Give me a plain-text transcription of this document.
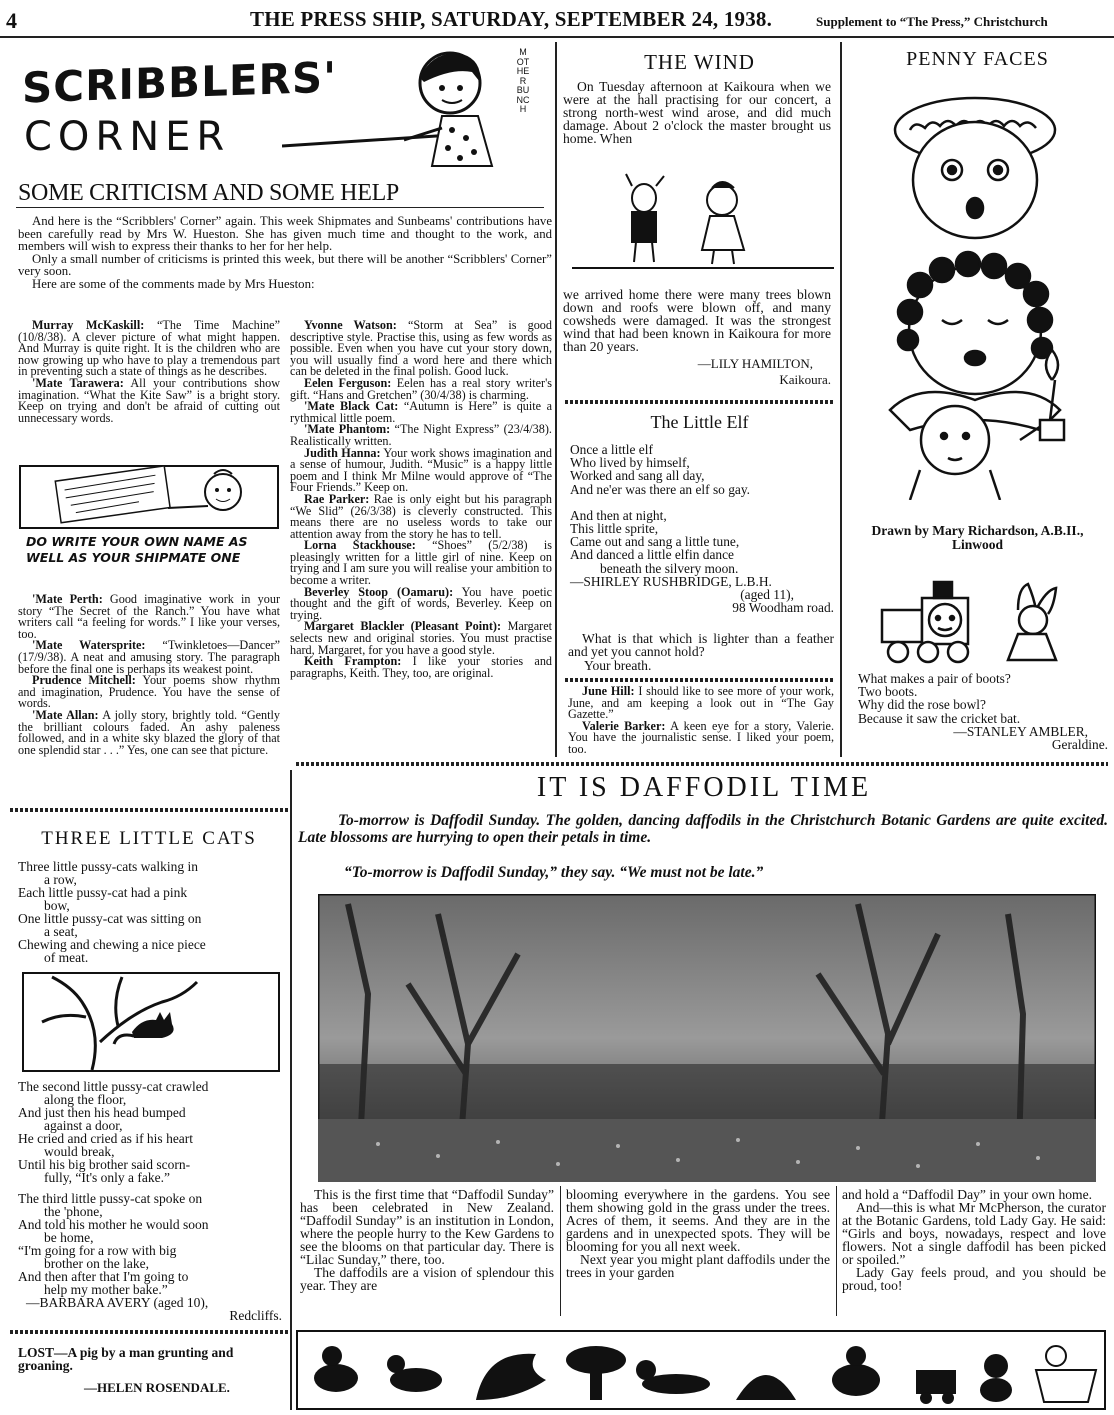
4	THE PRESS SHIP, SATURDAY, SEPTEMBER 24, 1938.	Supplement to “The Press,” Christchurch
SCRIBBLERS'
CORNER
MOTHER BUNCH
SOME CRITICISM AND SOME HELP

And here is the “Scribblers' Corner” again. This week Shipmates and Sunbeams' contributions have been carefully read by Mrs W. Hueston. She has given much time and thought to the work, and members will wish to express their thanks to her for her help.

Only a small number of criticisms is printed this week, but there will be another “Scribblers' Corner” very soon.

Here are some of the comments made by Mrs Hueston:

Murray McKaskill: “The Time Machine” (10/8/38). A clever picture of what might happen. And Murray is quite right. It is the children who are now growing up who have to play a tremendous part in preventing such a state of things as he describes.

'Mate Tarawera: All your contributions show imagination. “What the Kite Saw” is a bright story. Keep on trying and don't be afraid of cutting out unnecessary words.

DO WRITE YOUR OWN NAME AS WELL AS YOUR SHIPMATE ONE

'Mate Perth: Good imaginative work in your story “The Secret of the Ranch.” You have what writers call “a feeling for words.” I like your verses, too.

'Mate Watersprite: “Twinkletoes—Dancer” (17/9/38). A neat and amusing story. The paragraph before the final one is perhaps its weakest point.

Prudence Mitchell: Your poems show rhythm and imagination, Prudence. You have the sense of words.

'Mate Allan: A jolly story, brightly told. “Gently the brilliant colours faded. An ashy paleness followed, and in a white sky blazed the glory of that one splendid star . . .” Yes, one can see that picture.

Yvonne Watson: “Storm at Sea” is good descriptive style. Practise this, using as few words as possible. Even when you have cut your story down, you will usually find a word here and there which can be deleted in the final polish. Good luck.

Eelen Ferguson: Eelen has a real story writer's gift. “Hans and Gretchen” (30/4/38) is charming.

'Mate Black Cat: “Autumn is Here” is quite a rythmical little poem.

'Mate Phantom: “The Night Express” (23/4/38). Realistically written.

Judith Hanna: Your work shows imagination and a sense of humour, Judith. “Music” is a happy little poem and I think Mr Milne would approve of “The Four Friends.” Keep on.

Rae Parker: Rae is only eight but his paragraph “We Slid” (26/3/38) is cleverly constructed. This means there are no useless words to take our attention away from the story he has to tell.

Lorna Stackhouse: “Shoes” (5/2/38) is pleasingly written for a little girl of nine. Keep on trying and I am sure you will realise your ambition to become a writer.

Beverley Stoop (Oamaru): You have poetic thought and the gift of words, Beverley. Keep on trying.

Margaret Blackler (Pleasant Point): Margaret selects new and original stories. You must practise hard, Margaret, for you have a good style.

Keith Frampton: I like your stories and paragraphs, Keith. They, too, are original.

THE WIND

On Tuesday afternoon at Kaikoura when we were at the hall practising for our concert, a strong north-west wind arose, and did much damage. About 2 o'clock the master brought us home. When

we arrived home there were many trees blown down and roofs were blown off, and many cowsheds were damaged. It was the strongest wind that had been known in Kaikoura for more than 20 years.

—LILY HAMILTON,
Kaikoura.
The Little Elf
Once a little elf
Who lived by himself,
Worked and sang all day,
And ne'er was there an elf so gay.
And then at night,
This little sprite,
Came out and sang a little tune,
And danced a little elfin dance
beneath the silvery moon.
—SHIRLEY RUSHBRIDGE, L.B.H.
(aged 11),
98 Woodham road.
What is that which is lighter than a feather and yet you cannot hold?
Your breath.

June Hill: I should like to see more of your work, June, and am keeping a look out in “The Gay Gazette.”

Valerie Barker: A keen eye for a story, Valerie. You have the journalistic sense. I liked your poem, too.

PENNY FACES
Drawn by Mary Richardson, A.B.II.,
Linwood
What makes a pair of boots?
Two boots.
Why did the rose bowl?
Because it saw the cricket bat.
—STANLEY AMBLER,
Geraldine.
THREE LITTLE CATS
Three little pussy-cats walking in
a row,
Each little pussy-cat had a pink
bow,
One little pussy-cat was sitting on
a seat,
Chewing and chewing a nice piece
of meat.
The second little pussy-cat crawled
along the floor,
And just then his head bumped
against a door,
He cried and cried as if his heart
would break,
Until his big brother said scorn-
fully, “It's only a fake.”
The third little pussy-cat spoke on
the 'phone,
And told his mother he would soon
be home,
“I'm going for a row with big
brother on the lake,
And then after that I'm going to
help my mother bake.”
—BARBARA AVERY (aged 10),
Redcliffs.
LOST—A pig by a man grunting and groaning.
—HELEN ROSENDALE.
IT IS DAFFODIL TIME
To-morrow is Daffodil Sunday. The golden, dancing daffodils in the Christchurch Botanic Gardens are quite excited. Late blossoms are hurrying to open their petals in time.
“To-morrow is Daffodil Sunday,” they say. “We must not be late.”

This is the first time that “Daffodil Sunday” has been celebrated in New Zealand. “Daffodil Sunday” is an institution in London, where the people hurry to the Kew Gardens to see the blooms on that particular day. There is “Lilac Sunday,” there, too.

The daffodils are a vision of splendour this year. They are

blooming everywhere in the gardens. You see them showing gold in the grass under the trees. Acres of them, it seems. And they are in the gardens and in unexpected spots. They will be blooming for you all next week.

Next year you might plant daffodils under the trees in your garden

and hold a “Daffodil Day” in your own home.

And—this is what Mr McPherson, the curator at the Botanic Gardens, told Lady Gay. He said: “Girls and boys, nowadays, respect and love flowers. Not a single daffodil has been picked or spoiled.”

Lady Gay feels proud, and you should be proud, too!
